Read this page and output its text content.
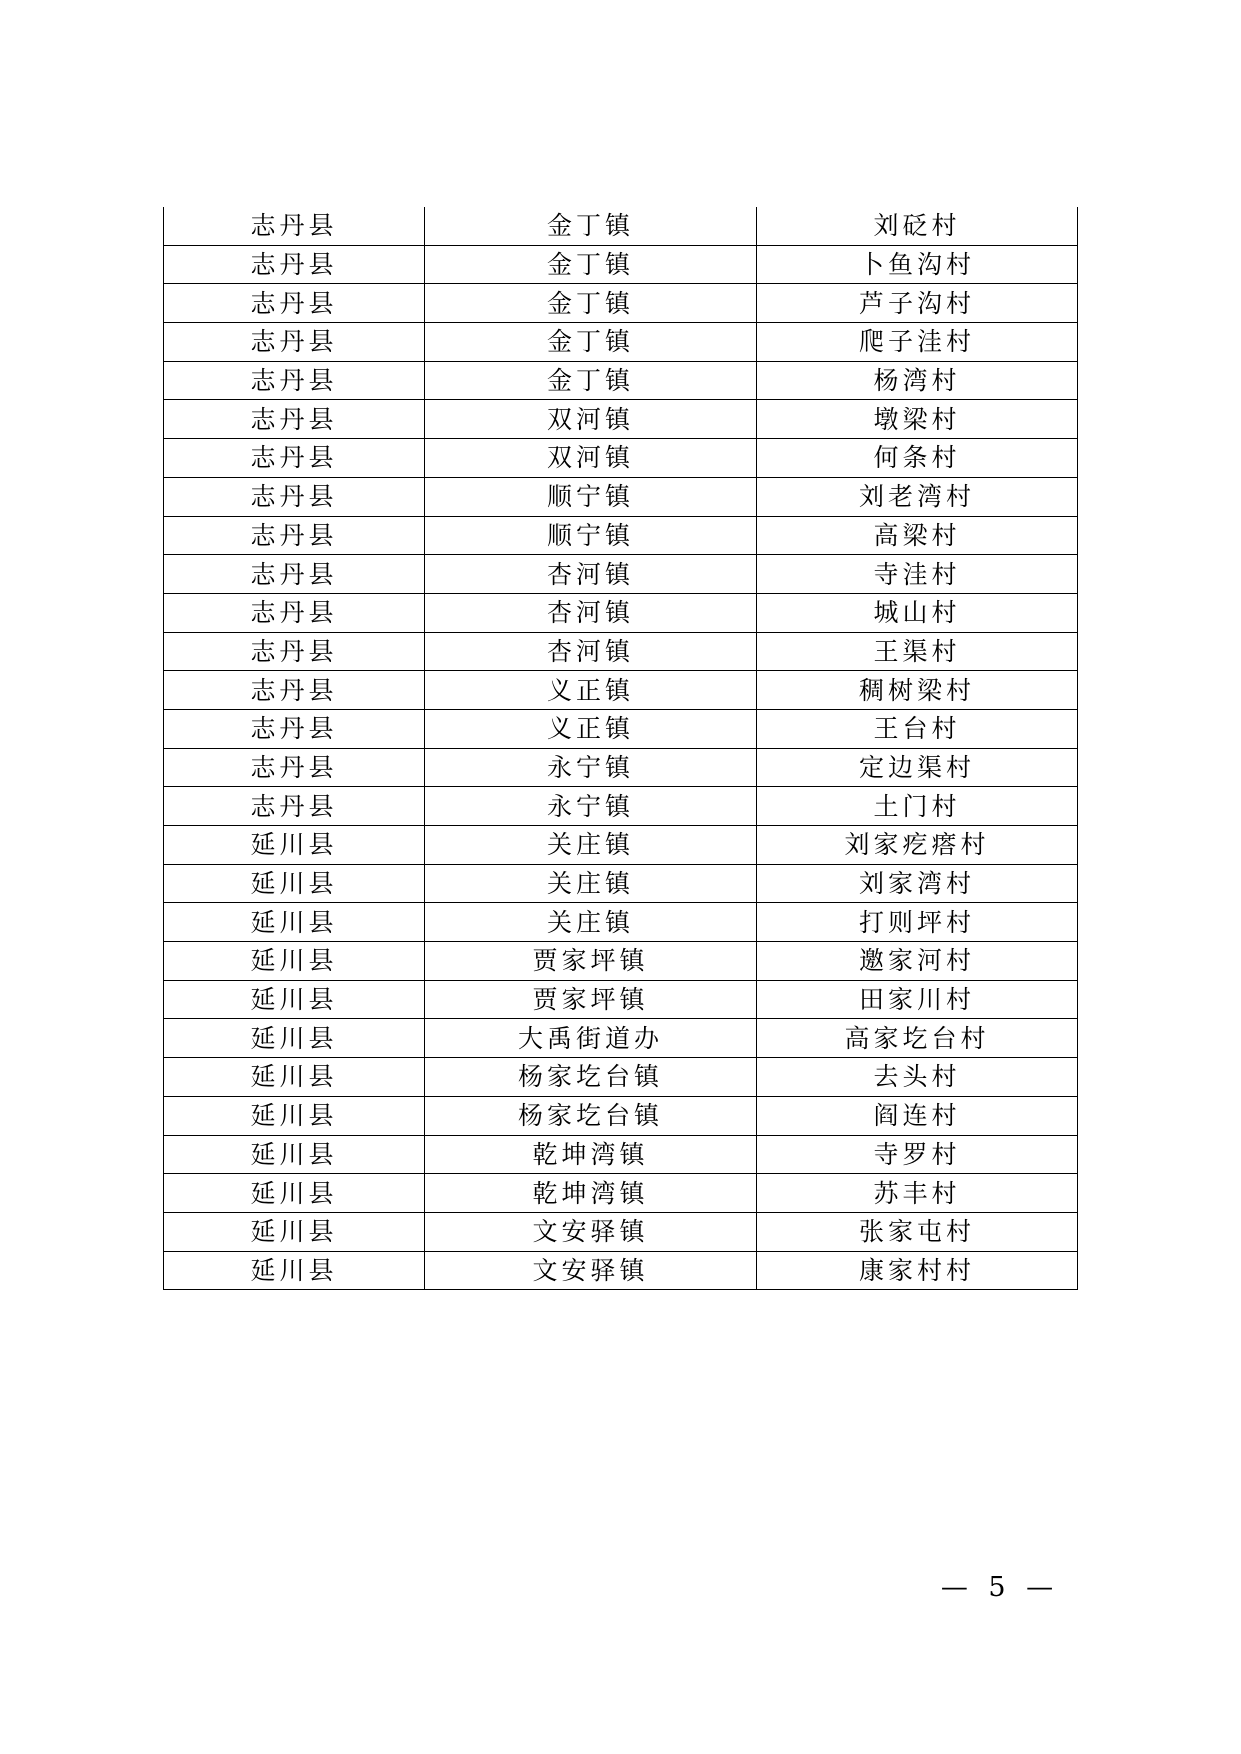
志丹县	金丁镇	刘砭村
志丹县	金丁镇	卜鱼沟村
志丹县	金丁镇	芦子沟村
志丹县	金丁镇	爬子洼村
志丹县	金丁镇	杨湾村
志丹县	双河镇	墩梁村
志丹县	双河镇	何条村
志丹县	顺宁镇	刘老湾村
志丹县	顺宁镇	高梁村
志丹县	杏河镇	寺洼村
志丹县	杏河镇	城山村
志丹县	杏河镇	王渠村
志丹县	义正镇	稠树梁村
志丹县	义正镇	王台村
志丹县	永宁镇	定边渠村
志丹县	永宁镇	土门村
延川县	关庄镇	刘家疙瘩村
延川县	关庄镇	刘家湾村
延川县	关庄镇	打则坪村
延川县	贾家坪镇	邀家河村
延川县	贾家坪镇	田家川村
延川县	大禹街道办	高家圪台村
延川县	杨家圪台镇	去头村
延川县	杨家圪台镇	阎连村
延川县	乾坤湾镇	寺罗村
延川县	乾坤湾镇	苏丰村
延川县	文安驿镇	张家屯村
延川县	文安驿镇	康家村村
— 5 —
